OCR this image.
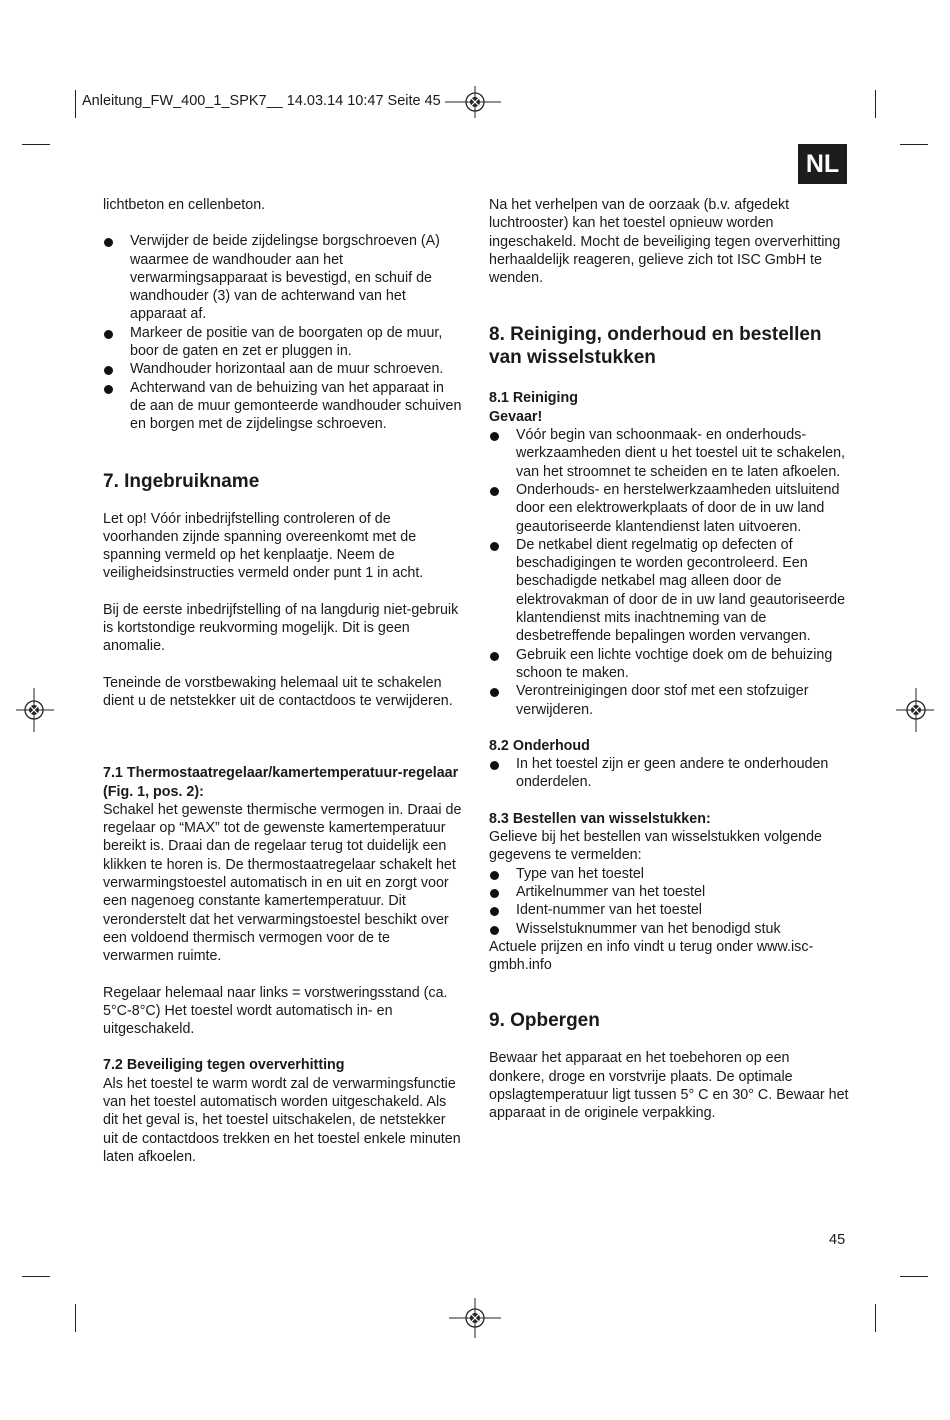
Anleitung_FW_400_1_SPK7__ 14.03.14 10:47 Seite 45
NL

lichtbeton en cellenbeton.

Verwijder de beide zijdelingse borgschroeven (A) waarmee de wandhouder aan het verwarmingsapparaat is bevestigd, en schuif de wandhouder (3) van de achterwand van het apparaat af.
Markeer de positie van de boorgaten op de muur, boor de gaten en zet er pluggen in.
Wandhouder horizontaal aan de muur schroeven.
Achterwand van de behuizing van het apparaat in de aan de muur gemonteerde wandhouder schuiven en borgen met de zijdelingse schroeven.
7. Ingebruikname

Let op! Vóór inbedrijfstelling controleren of de voorhanden zijnde spanning overeenkomt met de spanning vermeld op het kenplaatje. Neem de veiligheidsinstructies vermeld onder punt 1 in acht.

Bij de eerste inbedrijfstelling of na langdurig niet-gebruik is kortstondige reukvorming mogelijk. Dit is geen anomalie.

Teneinde de vorstbewaking helemaal uit te schakelen dient u de netstekker uit de contactdoos te verwijderen.

7.1 Thermostaatregelaar/kamertemperatuur-regelaar (Fig. 1, pos. 2):

Schakel het gewenste thermische vermogen in. Draai de regelaar op “MAX” tot de gewenste kamertemperatuur bereikt is. Draai dan de regelaar terug tot duidelijk een klikken te horen is. De thermostaatregelaar schakelt het verwarmingstoestel automatisch in en uit en zorgt voor een nagenoeg constante kamertemperatuur. Dit veronderstelt dat het verwarmingstoestel beschikt over een voldoend thermisch vermogen voor de te verwarmen ruimte.

Regelaar helemaal naar links = vorstweringsstand (ca. 5°C-8°C) Het toestel wordt automatisch in- en uitgeschakeld.

7.2 Beveiliging tegen oververhitting

Als het toestel te warm wordt zal de verwarmingsfunctie van het toestel automatisch worden uitgeschakeld. Als dit het geval is, het toestel uitschakelen, de netstekker uit de contactdoos trekken en het toestel enkele minuten laten afkoelen.

Na het verhelpen van de oorzaak (b.v. afgedekt luchtrooster) kan het toestel opnieuw worden ingeschakeld. Mocht de beveiliging tegen oververhitting herhaaldelijk reageren, gelieve zich tot ISC GmbH te wenden.

8. Reiniging, onderhoud en bestellen van wisselstukken
8.1 Reiniging
Gevaar!
Vóór begin van schoonmaak- en onderhouds-werkzaamheden dient u het toestel uit te schakelen, van het stroomnet te scheiden en te laten afkoelen.
Onderhouds- en herstelwerkzaamheden uitsluitend door een elektrowerkplaats of door de in uw land geautoriseerde klantendienst laten uitvoeren.
De netkabel dient regelmatig op defecten of beschadigingen te worden gecontroleerd. Een beschadigde netkabel mag alleen door de elektrovakman of door de in uw land geautoriseerde klantendienst mits inachtneming van de desbetreffende bepalingen worden vervangen.
Gebruik een lichte vochtige doek om de behuizing schoon te maken.
Verontreinigingen door stof met een stofzuiger verwijderen.
8.2 Onderhoud
In het toestel zijn er geen andere te onderhouden onderdelen.
8.3 Bestellen van wisselstukken:

Gelieve bij het bestellen van wisselstukken volgende gegevens te vermelden:

Type van het toestel
Artikelnummer van het toestel
Ident-nummer van het toestel
Wisselstuknummer van het benodigd stuk

Actuele prijzen en info vindt u terug onder www.isc-gmbh.info

9. Opbergen

Bewaar het apparaat en het toebehoren op een donkere, droge en vorstvrije plaats. De optimale opslagtemperatuur ligt tussen 5° C en 30° C. Bewaar het apparaat in de originele verpakking.

45
